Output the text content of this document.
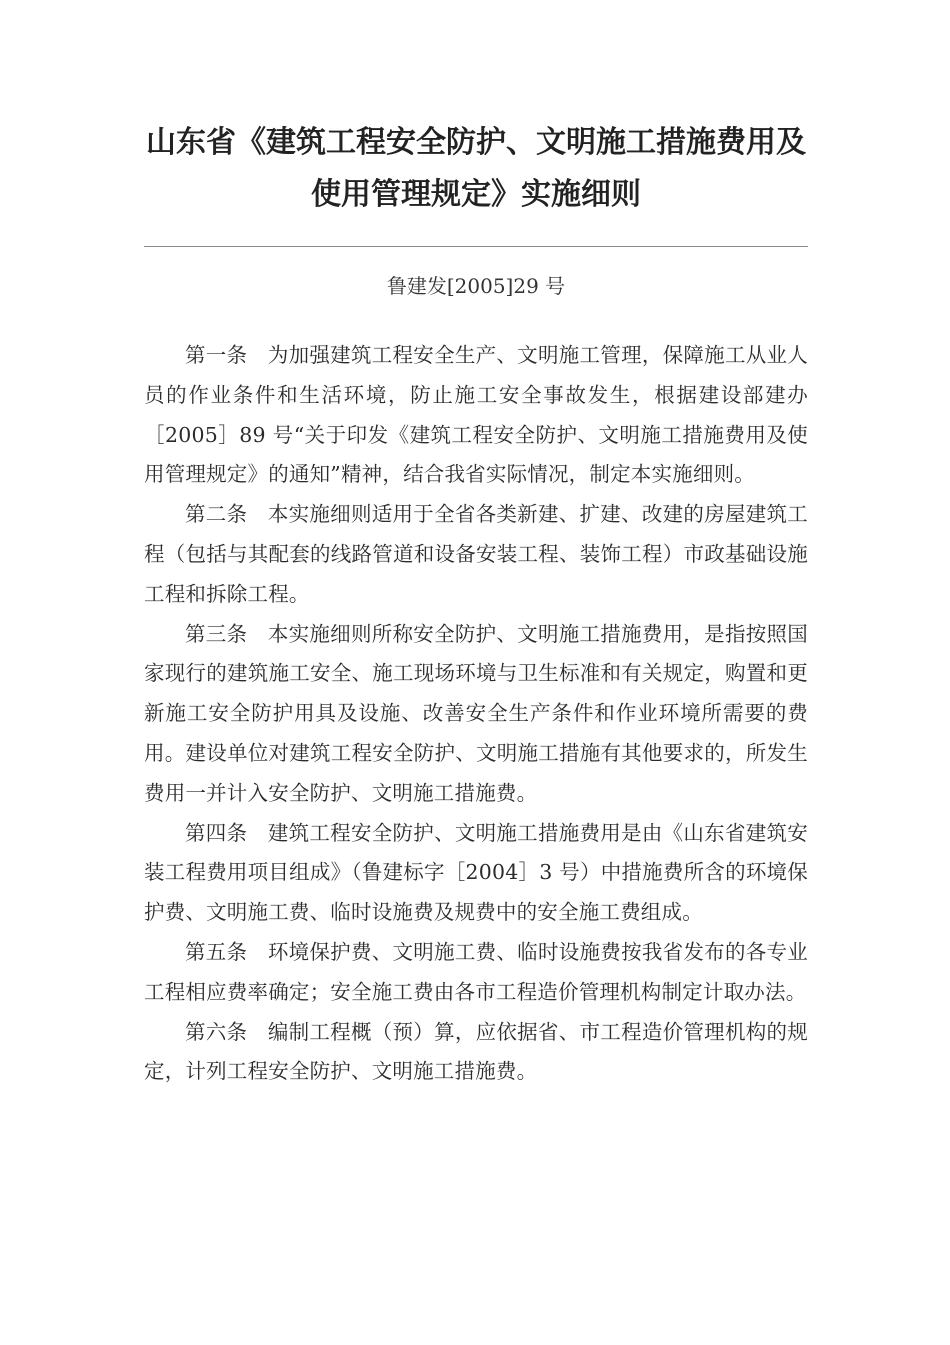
山东省《建筑工程安全防护、文明施工措施费用及
使用管理规定》实施细则
鲁建发[2005]29 号

第一条 为加强建筑工程安全生产、文明施工管理，保障施工从业人员的作业条件和生活环境，防止施工安全事故发生，根据建设部建办［2005］89 号“关于印发《建筑工程安全防护、文明施工措施费用及使用管理规定》的通知”精神，结合我省实际情况，制定本实施细则。

第二条 本实施细则适用于全省各类新建、扩建、改建的房屋建筑工程（包括与其配套的线路管道和设备安装工程、装饰工程）市政基础设施工程和拆除工程。

第三条 本实施细则所称安全防护、文明施工措施费用，是指按照国家现行的建筑施工安全、施工现场环境与卫生标准和有关规定，购置和更新施工安全防护用具及设施、改善安全生产条件和作业环境所需要的费用。建设单位对建筑工程安全防护、文明施工措施有其他要求的，所发生费用一并计入安全防护、文明施工措施费。

第四条 建筑工程安全防护、文明施工措施费用是由《山东省建筑安装工程费用项目组成》（鲁建标字［2004］3 号）中措施费所含的环境保护费、文明施工费、临时设施费及规费中的安全施工费组成。

第五条 环境保护费、文明施工费、临时设施费按我省发布的各专业工程相应费率确定；安全施工费由各市工程造价管理机构制定计取办法。

第六条 编制工程概（预）算，应依据省、市工程造价管理机构的规定，计列工程安全防护、文明施工措施费。
